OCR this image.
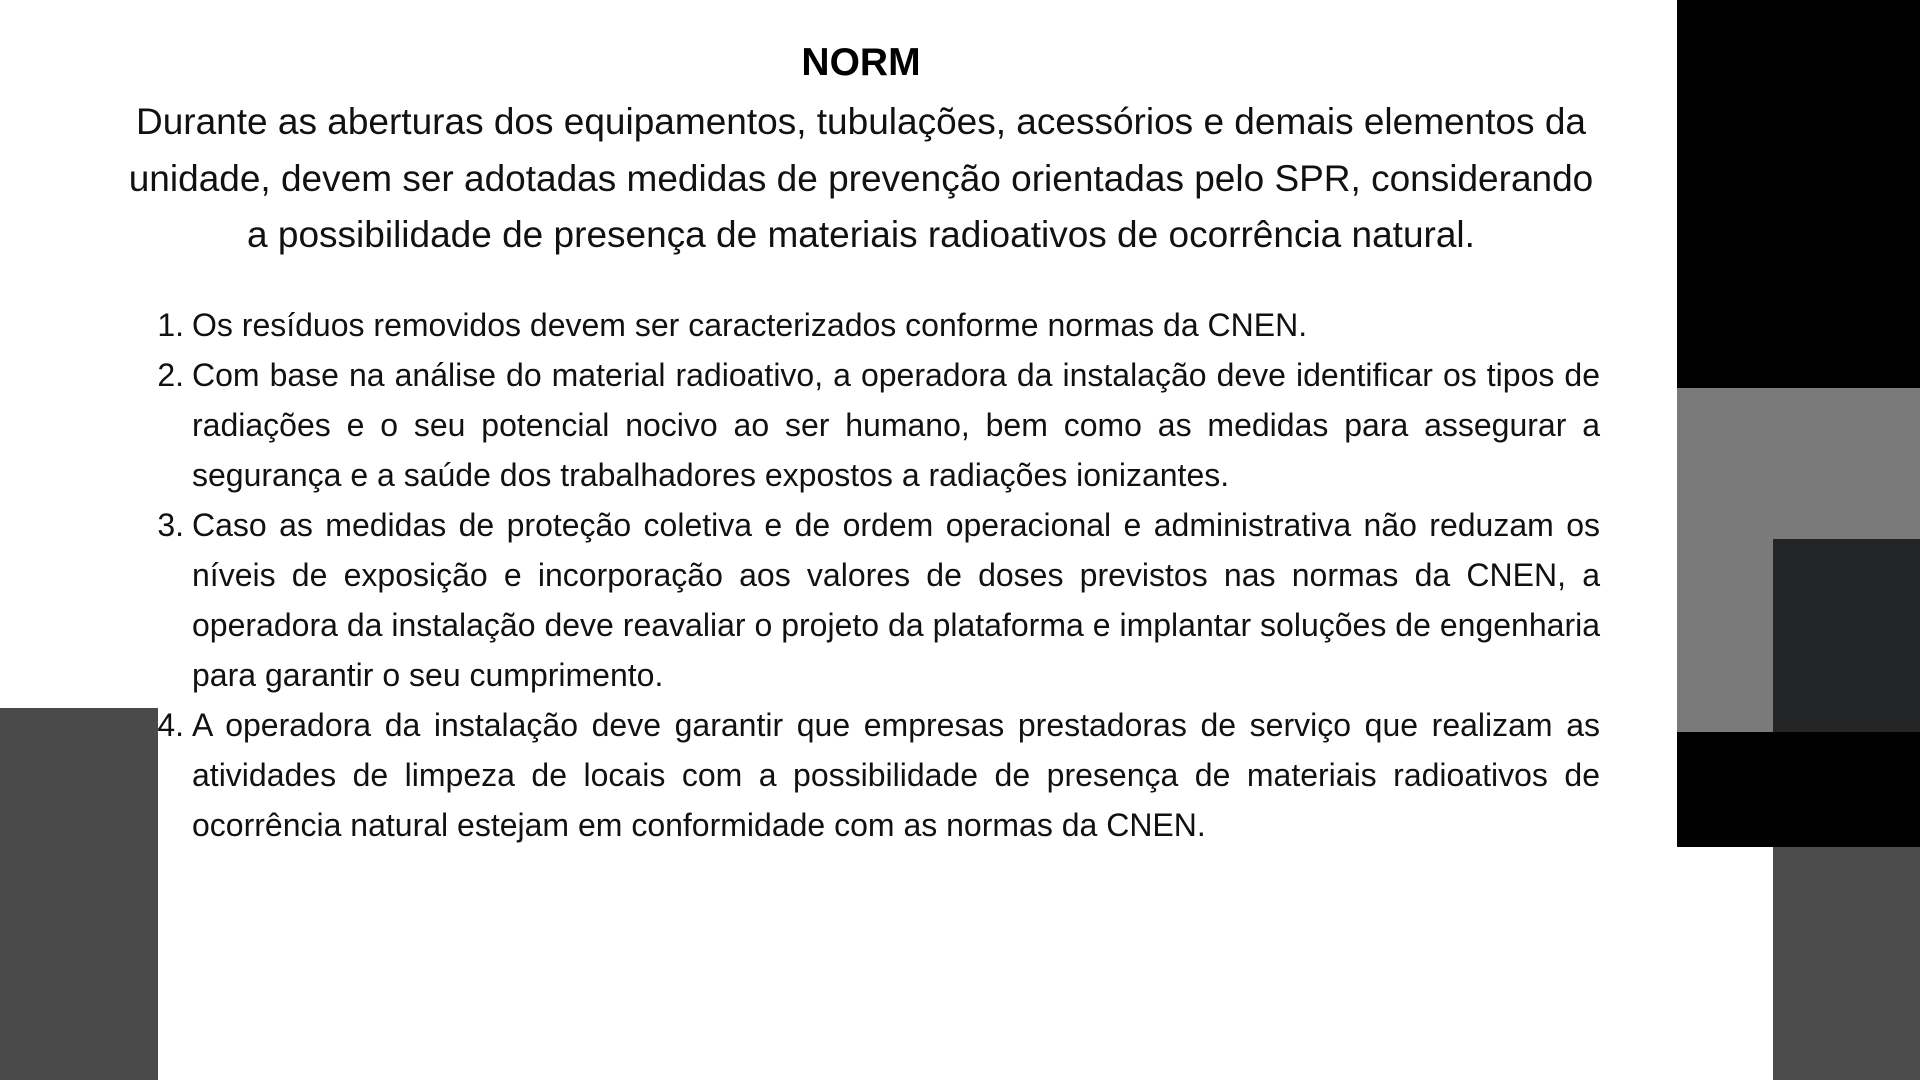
NORM

Durante as aberturas dos equipamentos, tubulações, acessórios e demais elementos da unidade, devem ser adotadas medidas de prevenção orientadas pelo SPR, considerando a possibilidade de presença de materiais radioativos de ocorrência natural.

1. Os resíduos removidos devem ser caracterizados conforme normas da CNEN.
2. Com base na análise do material radioativo, a operadora da instalação deve identificar os tipos de radiações e o seu potencial nocivo ao ser humano, bem como as medidas para assegurar a segurança e a saúde dos trabalhadores expostos a radiações ionizantes.
3. Caso as medidas de proteção coletiva e de ordem operacional e administrativa não reduzam os níveis de exposição e incorporação aos valores de doses previstos nas normas da CNEN, a operadora da instalação deve reavaliar o projeto da plataforma e implantar soluções de engenharia para garantir o seu cumprimento.
4. A operadora da instalação deve garantir que empresas prestadoras de serviço que realizam as atividades de limpeza de locais com a possibilidade de presença de materiais radioativos de ocorrência natural estejam em conformidade com as normas da CNEN.
